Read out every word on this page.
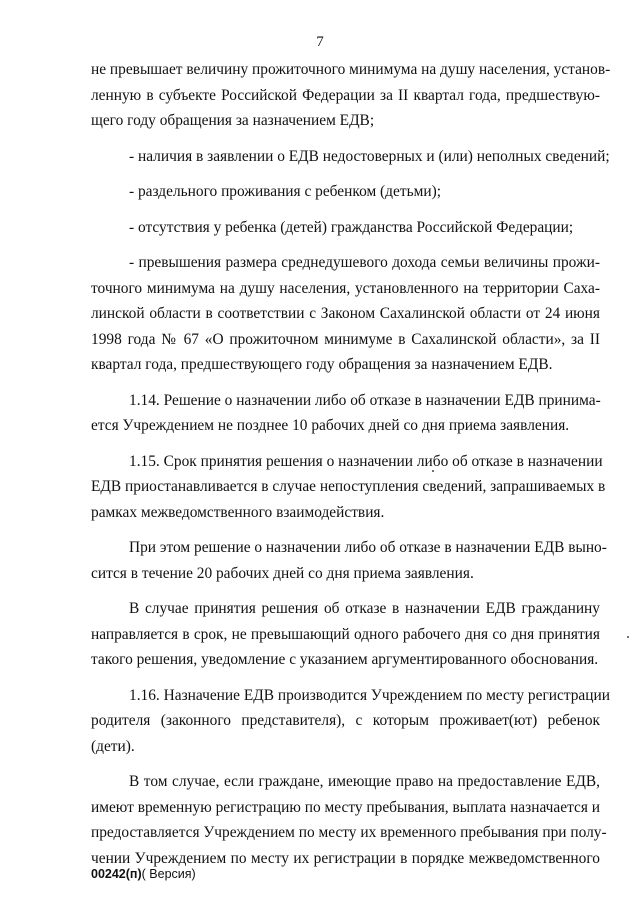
7
не превышает величину прожиточного минимума на душу населения, установ-
ленную в субъекте Российской Федерации за II квартал года, предшествую-
щего году обращения за назначением ЕДВ;
- наличия в заявлении о ЕДВ недостоверных и (или) неполных сведений;
- раздельного проживания с ребенком (детьми);
- отсутствия у ребенка (детей) гражданства Российской Федерации;
- превышения размера среднедушевого дохода семьи величины прожи-
точного минимума на душу населения, установленного на территории Саха-
линской области в соответствии с Законом Сахалинской области от 24 июня
1998 года № 67 «О прожиточном минимуме в Сахалинской области», за II
квартал года, предшествующего году обращения за назначением ЕДВ.
1.14. Решение о назначении либо об отказе в назначении ЕДВ принима-
ется Учреждением не позднее 10 рабочих дней со дня приема заявления.
1.15. Срок принятия решения о назначении либо об отказе в назначении
ЕДВ приостанавливается в случае непоступления сведений, запрашиваемых в
рамках межведомственного взаимодействия.
При этом решение о назначении либо об отказе в назначении ЕДВ выно-
сится в течение 20 рабочих дней со дня приема заявления.
В случае принятия решения об отказе в назначении ЕДВ гражданину
направляется в срок, не превышающий одного рабочего дня со дня принятия
такого решения, уведомление с указанием аргументированного обоснования.
1.16. Назначение ЕДВ производится Учреждением по месту регистрации
родителя (законного представителя), с которым проживает(ют) ребенок
(дети).
В том случае, если граждане, имеющие право на предоставление ЕДВ,
имеют временную регистрацию по месту пребывания, выплата назначается и
предоставляется Учреждением по месту их временного пребывания при полу-
чении Учреждением по месту их регистрации в порядке межведомственного
00242(п)( Версия)
